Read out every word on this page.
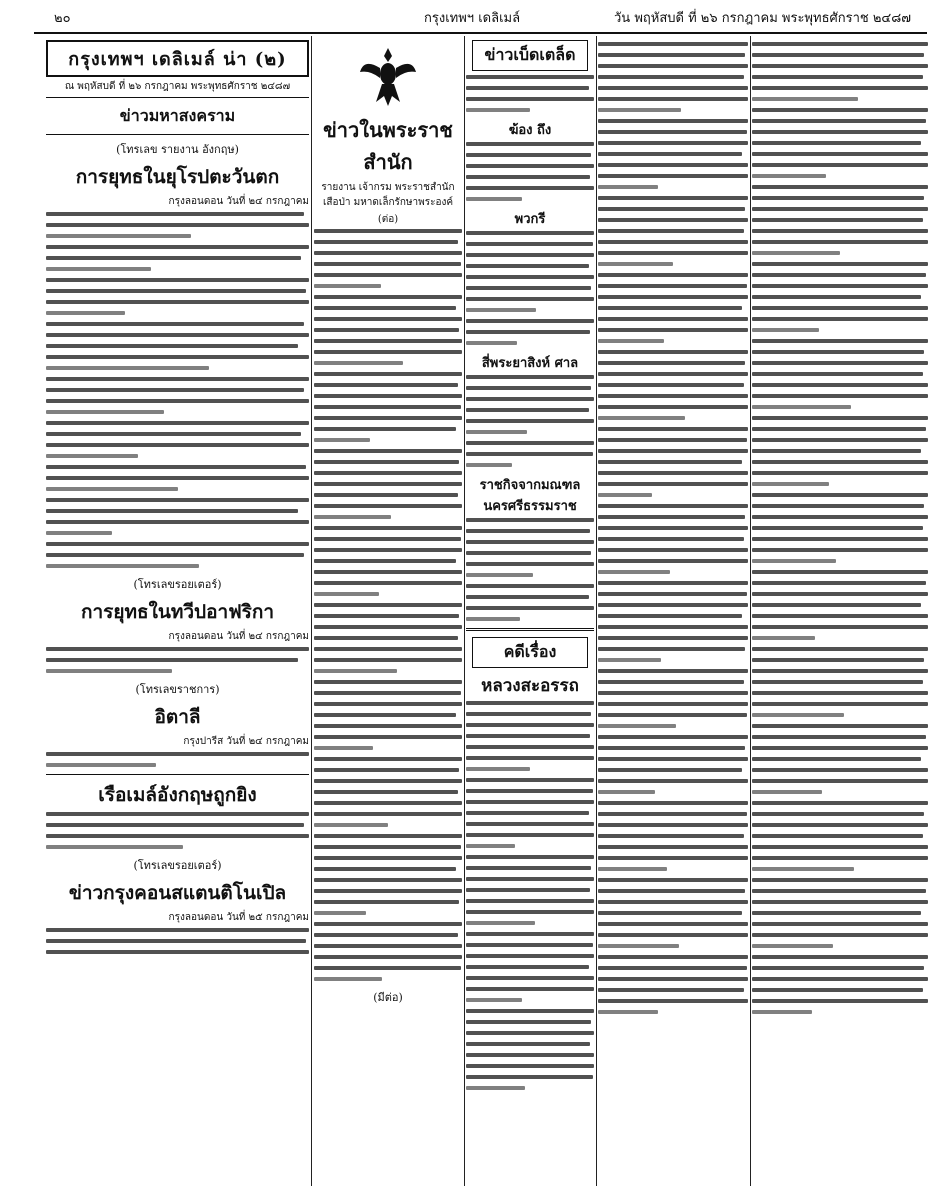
๒๐	กรุงเทพฯ เดลิเมล์	วัน พฤหัสบดี ที่ ๒๖ กรกฎาคม พระพุทธศักราช ๒๔๘๗
กรุงเทพฯ เดลิเมล์ น่า (๒)
ณ พฤหัสบดี ที่ ๒๖ กรกฎาคม พระพุทธศักราช ๒๔๘๗
ข่าวมหาสงคราม
(โทรเลข รายงาน อังกฤษ)
การยุทธในยุโรปตะวันตก
กรุงลอนดอน วันที่ ๒๔ กรกฎาคม
(โทรเลขรอยเตอร์)
การยุทธในทวีปอาฟริกา
กรุงลอนดอน วันที่ ๒๔ กรกฎาคม
(โทรเลขราชการ)
อิตาลี
กรุงปารีส วันที่ ๒๔ กรกฎาคม
เรือเมล์อังกฤษถูกยิง
(โทรเลขรอยเตอร์)
ข่าวกรุงคอนสแตนติโนเปิล
กรุงลอนดอน วันที่ ๒๕ กรกฎาคม
ข่าวในพระราชสำนัก
รายงาน เจ้ากรม พระราชสำนัก เสือป่า มหาดเล็กรักษาพระองค์
(ต่อ)
(มีต่อ)
ข่าวเบ็ดเตล็ด
ฆ้อง ถึง
พวกรี
สี่พระยาสิงห์ ศาล
ราชกิจจากมณฑลนครศรีธรรมราช
คดีเรื่อง
หลวงสะอรรถ
